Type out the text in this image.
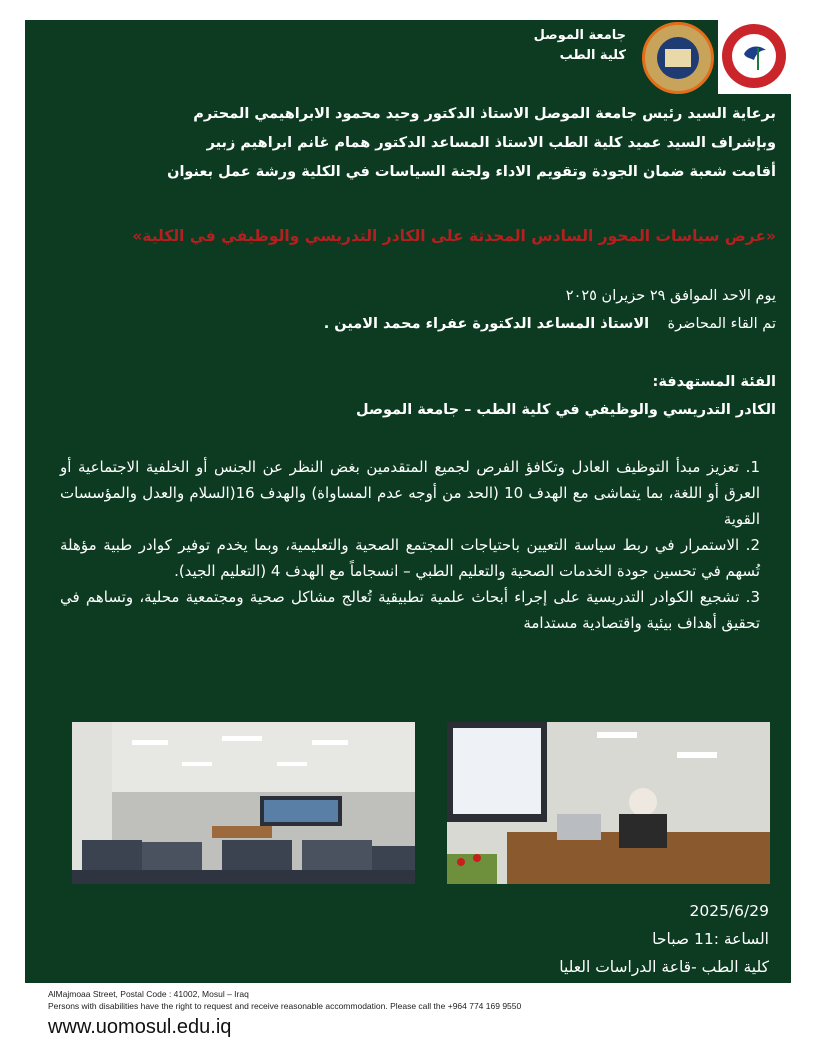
جامعة الموصل
كلية الطب
برعاية السيد رئيس جامعة الموصل الاستاذ الدكتور وحيد محمود الابراهيمي المحترم
وبإشراف السيد عميد كلية الطب الاستاذ المساعد الدكتور همام غانم ابراهيم زبير
أقامت شعبة ضمان الجودة وتقويم الاداء ولجنة السياسات في الكلية ورشة عمل بعنوان
«عرض سياسات المحور السادس المحدثة على الكادر التدريسي والوظيفي في الكلية»
يوم الاحد الموافق ٢٩ حزيران ٢٠٢٥
تم القاء المحاضرة    الاستاذ المساعد الدكتورة عفراء محمد الامين .
الفئة المستهدفة:
الكادر التدريسي والوظيفي في كلية الطب – جامعة الموصل

1. تعزيز مبدأ التوظيف العادل وتكافؤ الفرص لجميع المتقدمين بغض النظر عن الجنس أو الخلفية الاجتماعية أو العرق أو اللغة، بما يتماشى مع الهدف 10 (الحد من أوجه عدم المساواة) والهدف 16(السلام والعدل والمؤسسات القوية

2. الاستمرار في ربط سياسة التعيين باحتياجات المجتمع الصحية والتعليمية، وبما يخدم توفير كوادر طبية مؤهلة تُسهم في تحسين جودة الخدمات الصحية والتعليم الطبي – انسجاماً مع الهدف 4 (التعليم الجيد).

3. تشجيع الكوادر التدريسية على إجراء أبحاث علمية تطبيقية تُعالج مشاكل صحية ومجتمعية محلية، وتساهم في تحقيق أهداف بيئية واقتصادية مستدامة

2025/6/29
الساعة :11 صباحا
كلية الطب -قاعة الدراسات العليا
AlMajmoaa Street, Postal Code : 41002, Mosul – Iraq
Persons with disabilities have the right to request and receive reasonable accommodation. Please call the +964 774 169 9550
www.uomosul.edu.iq
